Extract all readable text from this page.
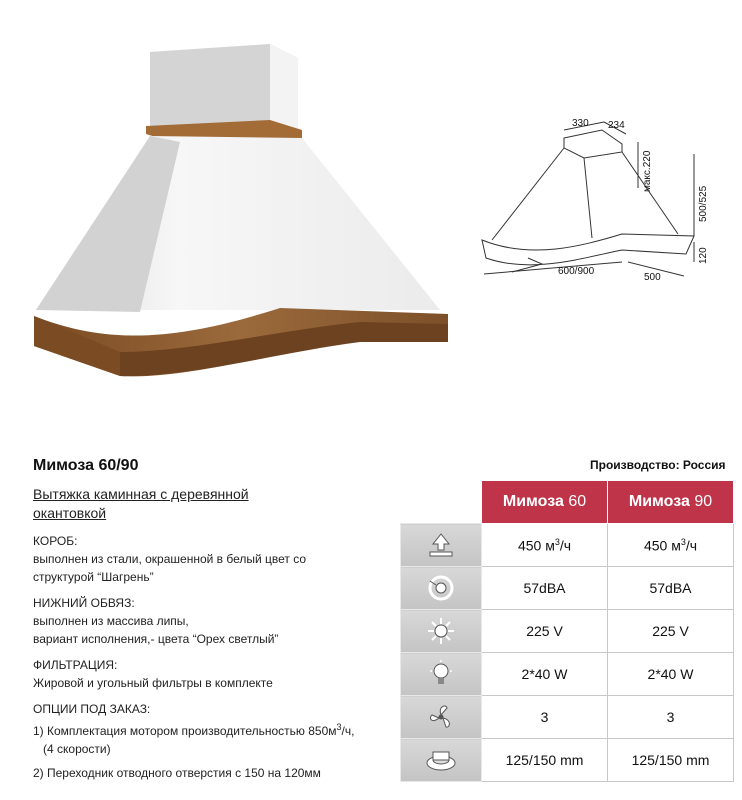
330 234
макс.220
500/525
120
600/900
500
Мимоза 60/90
Вытяжка каминная с деревянной окантовкой
Производство: Россия
КОРОБ:
выполнен из стали, окрашенной в белый цвет со
структурой “Шагрень”
НИЖНИЙ ОБВЯЗ:
выполнен из массива липы,
вариант исполнения,- цвета “Орех светлый”
ФИЛЬТРАЦИЯ:
Жировой и угольный фильтры в комплекте
ОПЦИИ ПОД ЗАКАЗ:
1) Комплектация мотором производительностью $850м^3/ч$,
(4 скорости)
2) Переходник отводного отверстия с 150 на 120мм
	Мимоза 60	Мимоза 90

	450 $м^3/ч$	450 $м^3/ч$

	57dBA	57dBA

	225 V	225 V

	2*40 W	2*40 W

	3	3

	125/150 mm	125/150 mm
